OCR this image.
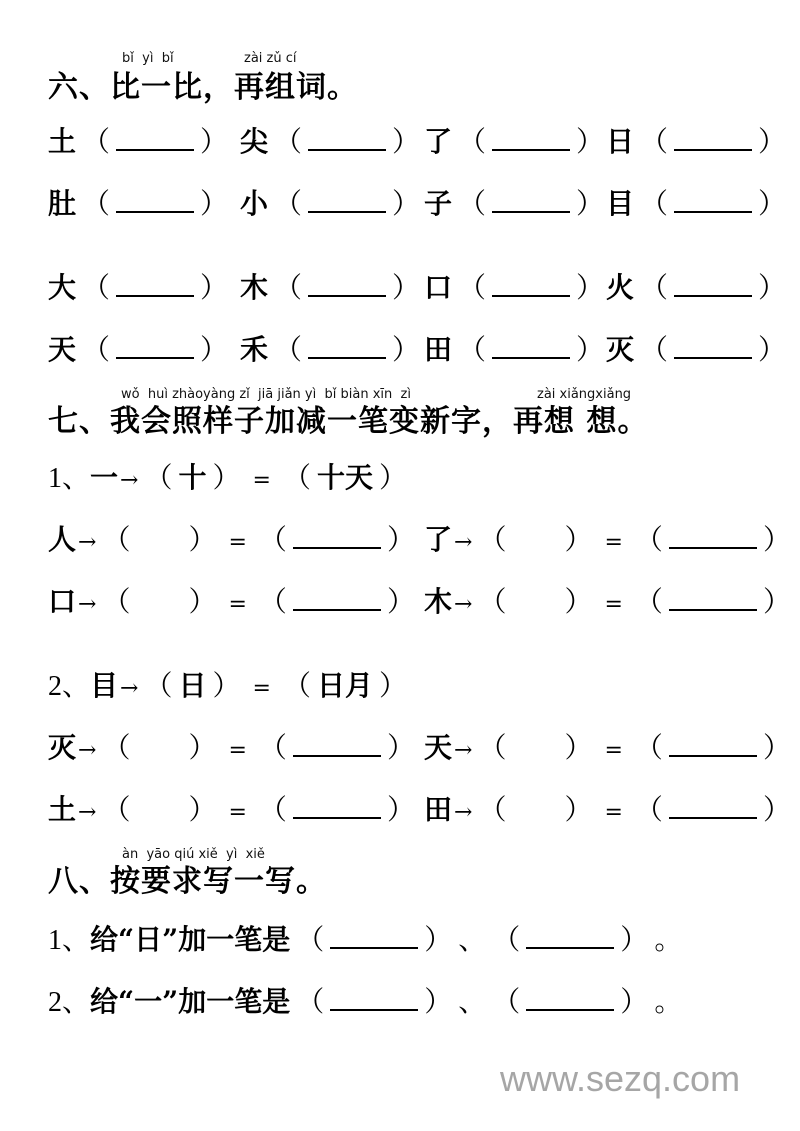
bǐ  yì  bǐ	zài zǔ cí
六、比一比，再组词。
土 （	） 尖 （	） 了 （	） 日 （	）
肚 （	） 小 （	） 子 （	） 目 （	）
大 （	） 木 （	） 口 （	） 火 （	）
天 （	） 禾 （	） 田 （	） 灭 （	）
wǒ  huì zhàoyàng zǐ  jiā jiǎn yì  bǐ biàn xīn  zì	zài xiǎngxiǎng
七、我会照样子加减一笔变新字，再想 想。
1、一→ （ 十 ） = （ 十天 ）
人 → （ ） = （	） 了 → （ ） = （	）
口 → （ ） = （	） 木 → （ ） = （	）
2、目→ （ 日 ） = （ 日月 ）
灭 → （ ） = （	） 天 → （ ） = （	）
土 → （ ） = （	） 田 → （ ） = （	）
àn  yāo qiú xiě  yì  xiě
八、按要求写一写。
1、 给“日”加一笔是 （	） 、 （	） 。
2、 给“一”加一笔是 （	） 、 （	） 。
www.sezq.com
